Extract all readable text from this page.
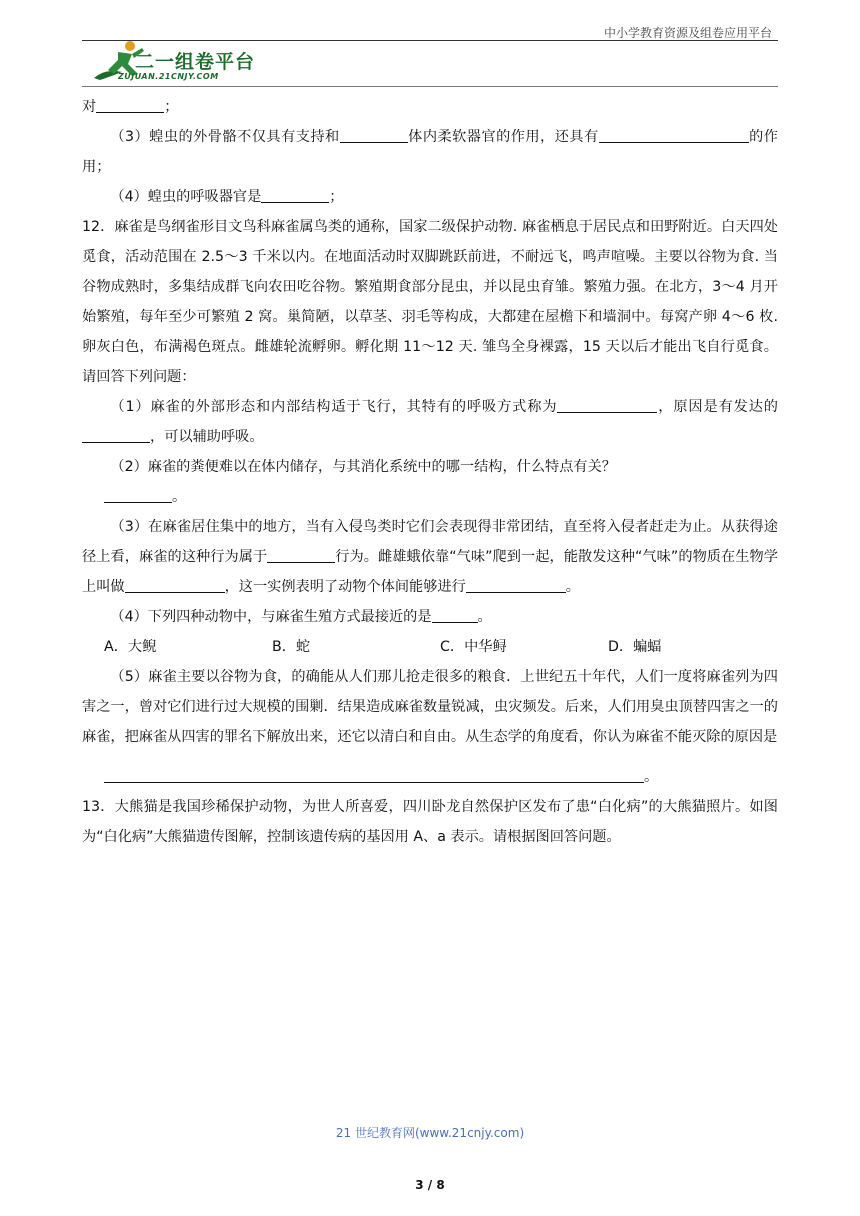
中小学教育资源及组卷应用平台
二一组卷平台
ZUJUAN.21CNJY.COM

对	；

（3）蝗虫的外骨骼不仅具有支持和	体内柔软器官的作用，还具有	的作用；

（4）蝗虫的呼吸器官是	；

12．麻雀是鸟纲雀形目文鸟科麻雀属鸟类的通称，国家二级保护动物. 麻雀栖息于居民点和田野附近。白天四处觅食，活动范围在 2.5～3 千米以内。在地面活动时双脚跳跃前进，不耐远飞，鸣声喧噪。主要以谷物为食. 当谷物成熟时，多集结成群飞向农田吃谷物。繁殖期食部分昆虫，并以昆虫育雏。繁殖力强。在北方，3～4 月开始繁殖，每年至少可繁殖 2 窝。巢简陋，以草茎、羽毛等构成，大都建在屋檐下和墙洞中。每窝产卵 4～6 枚. 卵灰白色，布满褐色斑点。雌雄轮流孵卵。孵化期 11～12 天. 雏鸟全身裸露，15 天以后才能出飞自行觅食。请回答下列问题：

（1）麻雀的外部形态和内部结构适于飞行，其特有的呼吸方式称为	，原因是有发达的，可以辅助呼吸。

（2）麻雀的粪便难以在体内储存，与其消化系统中的哪一结构，什么特点有关？

。

（3）在麻雀居住集中的地方，当有入侵鸟类时它们会表现得非常团结，直至将入侵者赶走为止。从获得途径上看，麻雀的这种行为属于	行为。雌雄蛾依靠“气味”爬到一起，能散发这种“气味”的物质在生物学上叫做	，这一实例表明了动物个体间能够进行	。

（4）下列四种动物中，与麻雀生殖方式最接近的是	。

A．大鲵	B．蛇	C．中华鲟	D．蝙蝠

（5）麻雀主要以谷物为食，的确能从人们那儿抢走很多的粮食．上世纪五十年代，人们一度将麻雀列为四害之一，曾对它们进行过大规模的围剿．结果造成麻雀数量锐减，虫灾频发。后来，人们用臭虫顶替四害之一的麻雀，把麻雀从四害的罪名下解放出来，还它以清白和自由。从生态学的角度看，你认为麻雀不能灭除的原因是

。

13．大熊猫是我国珍稀保护动物，为世人所喜爱，四川卧龙自然保护区发布了患“白化病”的大熊猫照片。如图为“白化病”大熊猫遗传图解，控制该遗传病的基因用 A、a 表示。请根据图回答问题。

21 世纪教育网(www.21cnjy.com)
3 / 8
